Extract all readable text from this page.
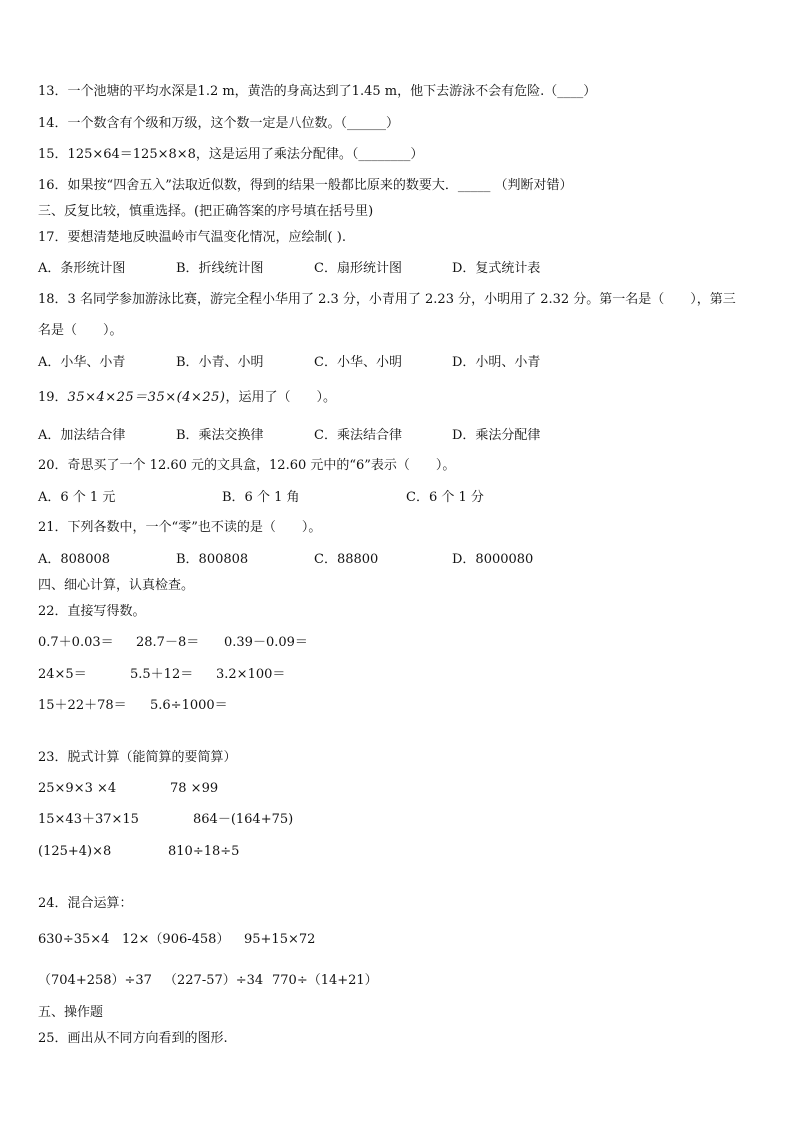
13．一个池塘的平均水深是1.2 m，黄浩的身高达到了1.45 m，他下去游泳不会有危险.（____）
14．一个数含有个级和万级，这个数一定是八位数。（______）
15．125×64＝125×8×8，这是运用了乘法分配律。（________）
16．如果按“四舍五入”法取近似数，得到的结果一般都比原来的数要大．_____ （判断对错）
三、反复比较，慎重选择。(把正确答案的序号填在括号里)
17．要想清楚地反映温岭市气温变化情况，应绘制( ).
A．条形统计图	B．折线统计图	C．扇形统计图	D．复式统计表
18．3 名同学参加游泳比赛，游完全程小华用了 2.3 分，小青用了 2.23 分，小明用了 2.32 分。第一名是（　　），第三
名是（　　）。
A．小华、小青	B．小青、小明	C．小华、小明	D．小明、小青
19．35×4×25＝35×(4×25)，运用了（　　）。
A．加法结合律	B．乘法交换律	C．乘法结合律	D．乘法分配律
20．奇思买了一个 12.60 元的文具盒，12.60 元中的“6”表示（　　）。
A．6 个 1 元	B．6 个 1 角	C．6 个 1 分
21．下列各数中，一个“零”也不读的是（　　）。
A．808008	B．800808	C．88800	D．8000080
四、细心计算，认真检查。
22．直接写得数。
0.7＋0.03＝ 28.7－8＝ 0.39－0.09＝
24×5＝	5.5＋12＝ 3.2×100＝
15＋22＋78＝ 5.6÷1000＝
23．脱式计算（能简算的要简算）
25×9×3 ×4	78 ×99
15×43＋37×15	864－(164+75)
(125+4)×8	810÷18÷5
24．混合运算：
630÷35×4 12×（906-458） 95+15×72
（704+258）÷37 （227-57）÷34 770÷（14+21）
五、操作题
25．画出从不同方向看到的图形.
